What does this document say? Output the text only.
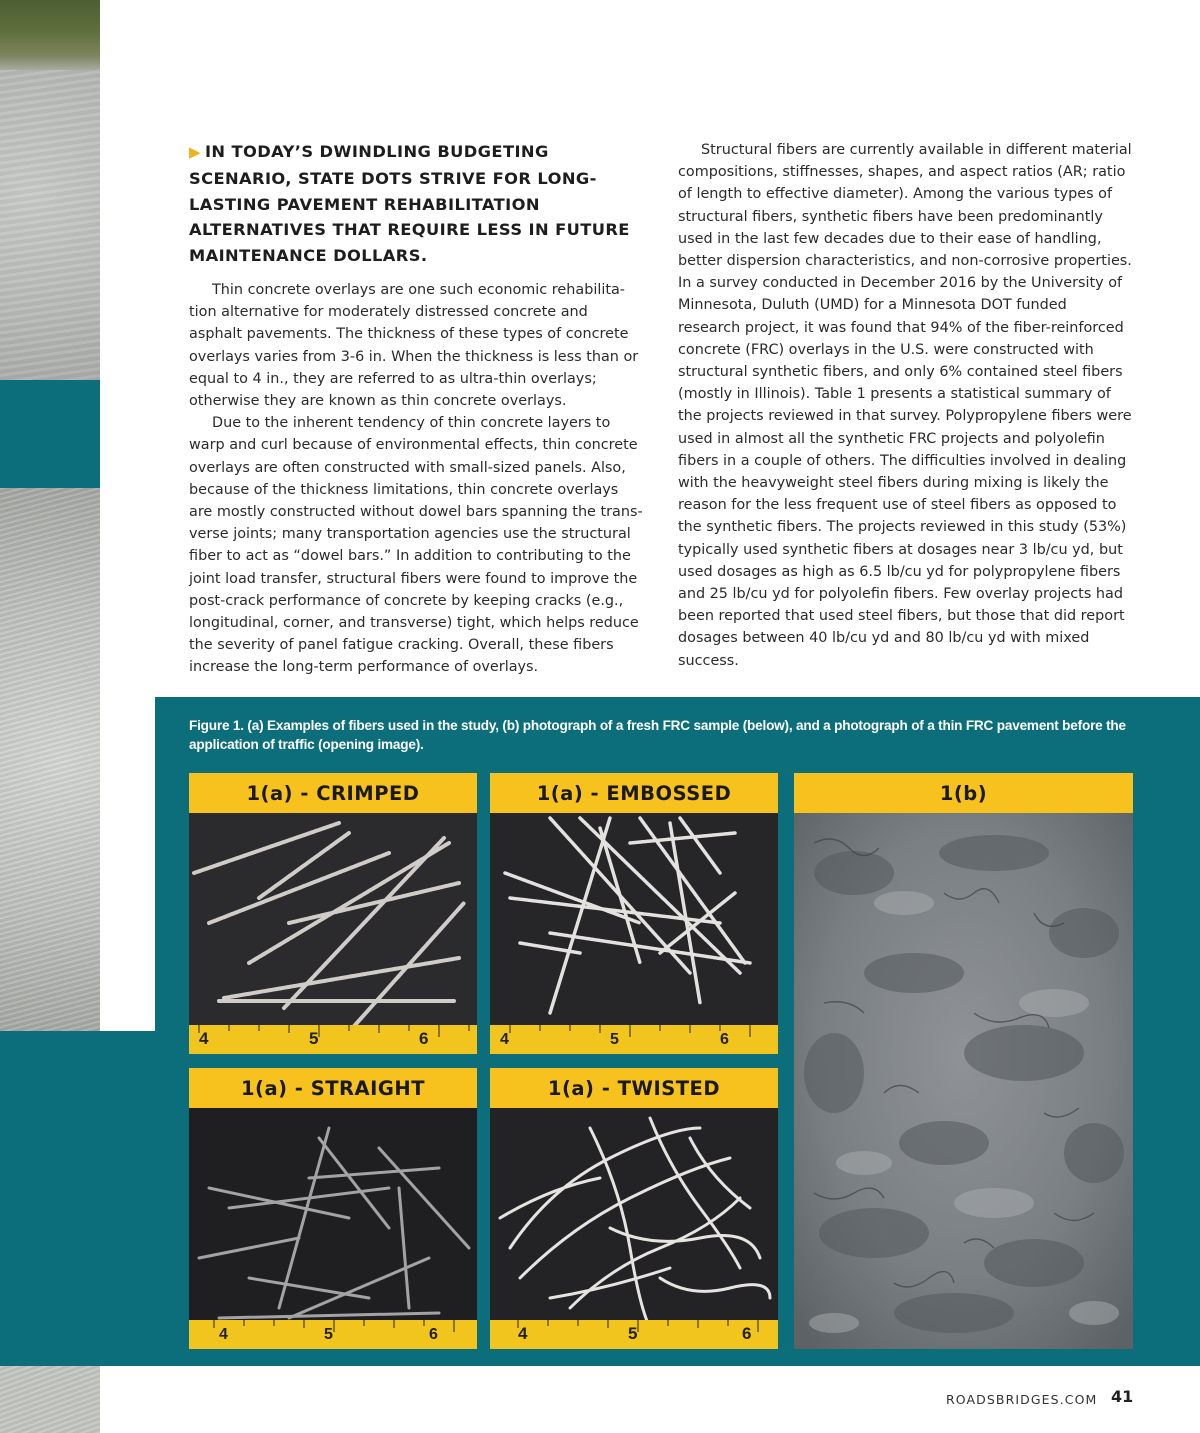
▶ IN TODAY’S DWINDLING BUDGETING SCENARIO, STATE DOTS STRIVE FOR LONG-LASTING PAVEMENT REHABILITATION ALTERNATIVES THAT REQUIRE LESS IN FUTURE MAINTENANCE DOLLARS.

Thin concrete overlays are one such economic rehabilita-tion alternative for moderately distressed concrete and asphalt pavements. The thickness of these types of concrete overlays varies from 3-6 in. When the thickness is less than or equal to 4 in., they are referred to as ultra-thin overlays; otherwise they are known as thin concrete overlays.

Due to the inherent tendency of thin concrete layers to warp and curl because of environmental effects, thin concrete overlays are often constructed with small-sized panels. Also, because of the thickness limitations, thin concrete overlays are mostly constructed without dowel bars spanning the trans-verse joints; many transportation agencies use the structural fiber to act as “dowel bars.” In addition to contributing to the joint load transfer, structural fibers were found to improve the post-crack performance of concrete by keeping cracks (e.g., longitudinal, corner, and transverse) tight, which helps reduce the severity of panel fatigue cracking. Overall, these fibers increase the long-term performance of overlays.

Structural fibers are currently available in different material compositions, stiffnesses, shapes, and aspect ratios (AR; ratio of length to effective diameter). Among the various types of structural fibers, synthetic fibers have been predominantly used in the last few decades due to their ease of handling, better dispersion characteristics, and non-corrosive properties. In a survey conducted in December 2016 by the University of Minnesota, Duluth (UMD) for a Minnesota DOT funded research project, it was found that 94% of the fiber-reinforced concrete (FRC) overlays in the U.S. were constructed with structural synthetic fibers, and only 6% contained steel fibers (mostly in Illinois). Table 1 presents a statistical summary of the projects reviewed in that survey. Polypropylene fibers were used in almost all the synthetic FRC projects and polyolefin fibers in a couple of others. The difficulties involved in dealing with the heavyweight steel fibers during mixing is likely the reason for the less frequent use of steel fibers as opposed to the synthetic fibers. The projects reviewed in this study (53%) typically used synthetic fibers at dosages near 3 lb/cu yd, but used dosages as high as 6.5 lb/cu yd for polypropylene fibers and 25 lb/cu yd for polyolefin fibers. Few overlay projects had been reported that used steel fibers, but those that did report dosages between 40 lb/cu yd and 80 lb/cu yd with mixed success.

Figure 1. (a) Examples of fibers used in the study, (b) photograph of a fresh FRC sample (below), and a photograph of a thin FRC pavement before the application of traffic (opening image).
1(a) - CRIMPED
4	5	6
1(a) - EMBOSSED
4	5	6
1(b)
1(a) - STRAIGHT
4	5	6
1(a) - TWISTED
4	5	6
ROADSBRIDGES.COM 41
